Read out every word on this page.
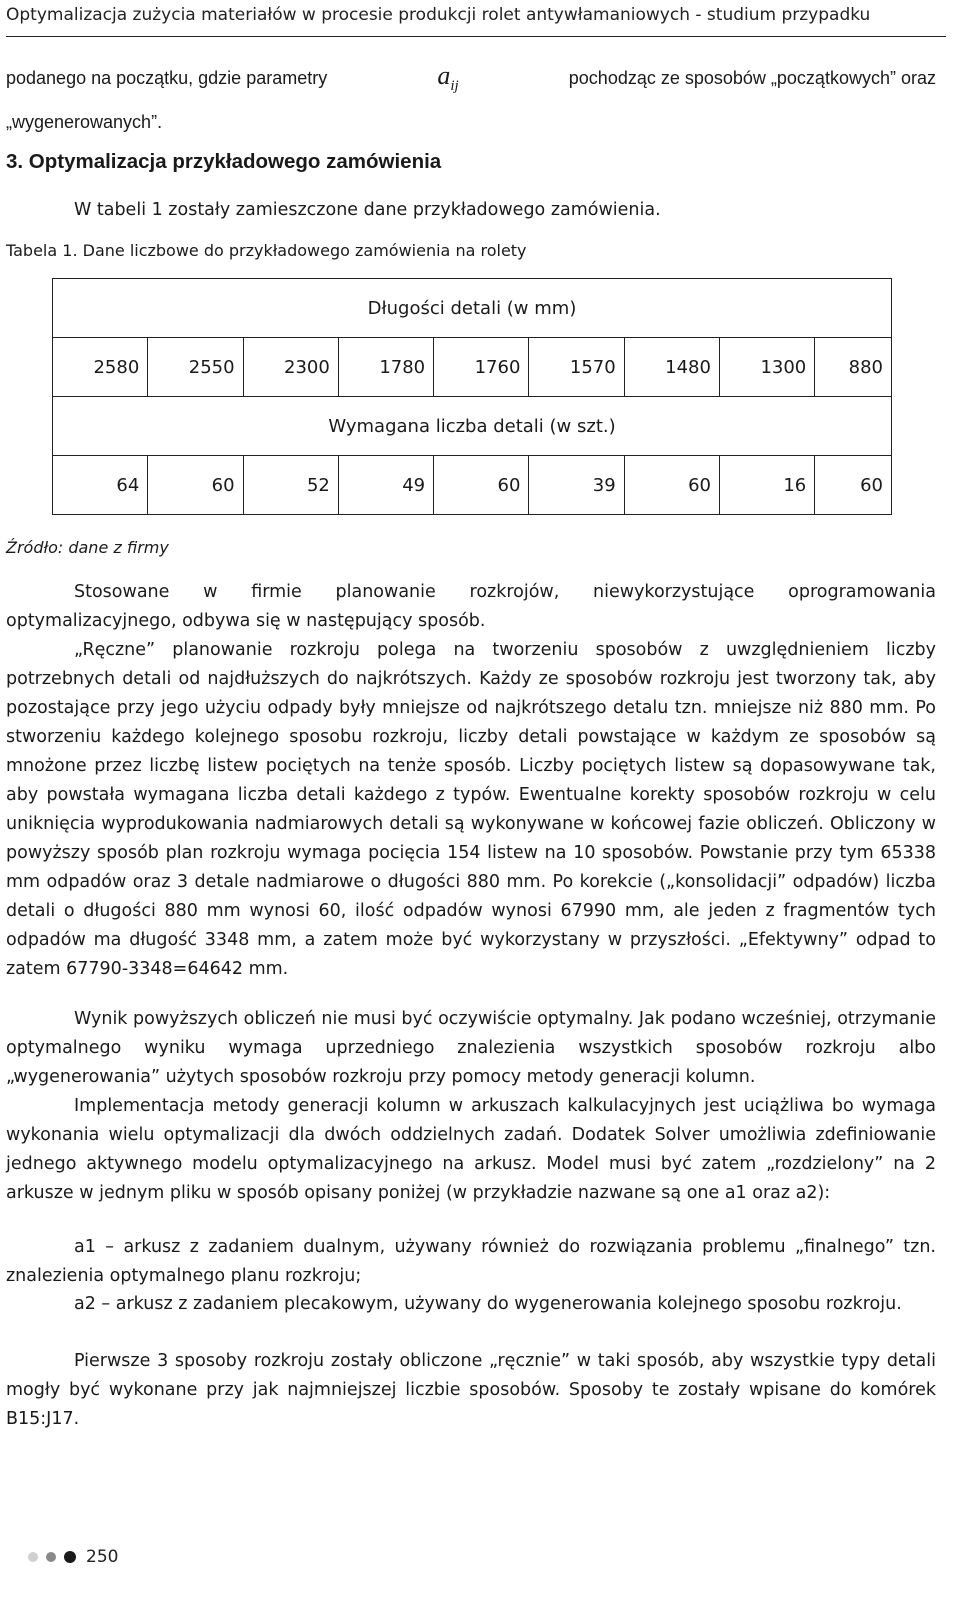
Optymalizacja zużycia materiałów w procesie produkcji rolet antywłamaniowych - studium przypadku
podanego na początku, gdzie parametry	$a_{ij}$	pochodząc ze sposobów „początkowych” oraz
„wygenerowanych”.
3. Optymalizacja przykładowego zamówienia

W tabeli 1 zostały zamieszczone dane przykładowego zamówienia.

Tabela 1. Dane liczbowe do przykładowego zamówienia na rolety
Długości detali (w mm)								
2580	2550	2300	1780	1760	1570	1480	1300	880
Wymagana liczba detali (w szt.)								
64	60	52	49	60	39	60	16	60
Źródło: dane z firmy

Stosowane w firmie planowanie rozkrojów, niewykorzystujące oprogramowania optymalizacyjnego, odbywa się w następujący sposób.

„Ręczne” planowanie rozkroju polega na tworzeniu sposobów z uwzględnieniem liczby potrzebnych detali od najdłuższych do najkrótszych. Każdy ze sposobów rozkroju jest tworzony tak, aby pozostające przy jego użyciu odpady były mniejsze od najkrótszego detalu tzn. mniejsze niż 880 mm. Po stworzeniu każdego kolejnego sposobu rozkroju, liczby detali powstające w każdym ze sposobów są mnożone przez liczbę listew pociętych na tenże sposób. Liczby pociętych listew są dopasowywane tak, aby powstała wymagana liczba detali każdego z typów. Ewentualne korekty sposobów rozkroju w celu uniknięcia wyprodukowania nadmiarowych detali są wykonywane w końcowej fazie obliczeń. Obliczony w powyższy sposób plan rozkroju wymaga pocięcia 154 listew na 10 sposobów. Powstanie przy tym 65338 mm odpadów oraz 3 detale nadmiarowe o długości 880 mm. Po korekcie („konsolidacji” odpadów) liczba detali o długości 880 mm wynosi 60, ilość odpadów wynosi 67990 mm, ale jeden z fragmentów tych odpadów ma długość 3348 mm, a zatem może być wykorzystany w przyszłości. „Efektywny” odpad to zatem 67790-3348=64642 mm.

Wynik powyższych obliczeń nie musi być oczywiście optymalny. Jak podano wcześniej, otrzymanie optymalnego wyniku wymaga uprzedniego znalezienia wszystkich sposobów rozkroju albo „wygenerowania” użytych sposobów rozkroju przy pomocy metody generacji kolumn.

Implementacja metody generacji kolumn w arkuszach kalkulacyjnych jest uciążliwa bo wymaga wykonania wielu optymalizacji dla dwóch oddzielnych zadań. Dodatek Solver umożliwia zdefiniowanie jednego aktywnego modelu optymalizacyjnego na arkusz. Model musi być zatem „rozdzielony” na 2 arkusze w jednym pliku w sposób opisany poniżej (w przykładzie nazwane są one a1 oraz a2):

a1 – arkusz z zadaniem dualnym, używany również do rozwiązania problemu „finalnego” tzn. znalezienia optymalnego planu rozkroju;

a2 – arkusz z zadaniem plecakowym, używany do wygenerowania kolejnego sposobu rozkroju.

Pierwsze 3 sposoby rozkroju zostały obliczone „ręcznie” w taki sposób, aby wszystkie typy detali mogły być wykonane przy jak najmniejszej liczbie sposobów. Sposoby te zostały wpisane do komórek B15:J17.

250
